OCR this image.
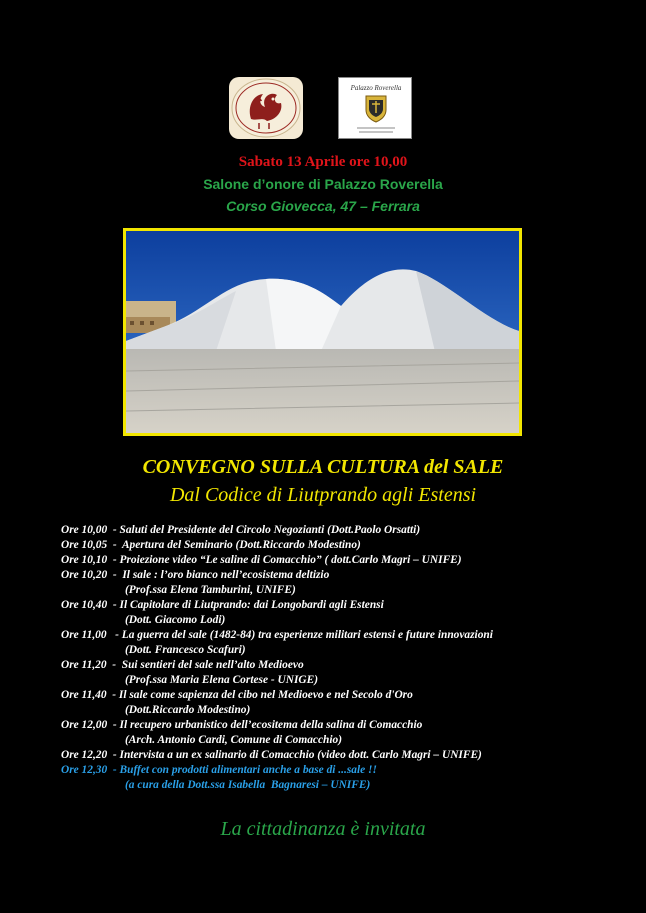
Palazzo Roverella
Sabato 13 Aprile ore 10,00
Salone d’onore di Palazzo Roverella
Corso Giovecca, 47 – Ferrara
CONVEGNO SULLA CULTURA del SALE
Dal Codice di Liutprando agli Estensi
Ore 10,00  - Saluti del Presidente del Circolo Negozianti (Dott.Paolo Orsatti)
Ore 10,05  -  Apertura del Seminario (Dott.Riccardo Modestino)
Ore 10,10  - Proiezione video “Le saline di Comacchio” ( dott.Carlo Magri – UNIFE)
Ore 10,20  -  Il sale : l’oro bianco nell’ecosistema deltizio
(Prof.ssa Elena Tamburini, UNIFE)
Ore 10,40  - Il Capitolare di Liutprando: dai Longobardi agli Estensi
(Dott. Giacomo Lodi)
Ore 11,00   - La guerra del sale (1482-84) tra esperienze militari estensi e future innovazioni
(Dott. Francesco Scafuri)
Ore 11,20  -  Sui sentieri del sale nell’alto Medioevo
(Prof.ssa Maria Elena Cortese - UNIGE)
Ore 11,40  - Il sale come sapienza del cibo nel Medioevo e nel Secolo d'Oro
(Dott.Riccardo Modestino)
Ore 12,00  - Il recupero urbanistico dell’ecositema della salina di Comacchio
(Arch. Antonio Cardi, Comune di Comacchio)
Ore 12,20  - Intervista a un ex salinario di Comacchio (video dott. Carlo Magri – UNIFE)
Ore 12,30  - Buffet con prodotti alimentari anche a base di ...sale !!
(a cura della Dott.ssa Isabella  Bagnaresi – UNIFE)
La cittadinanza è invitata
